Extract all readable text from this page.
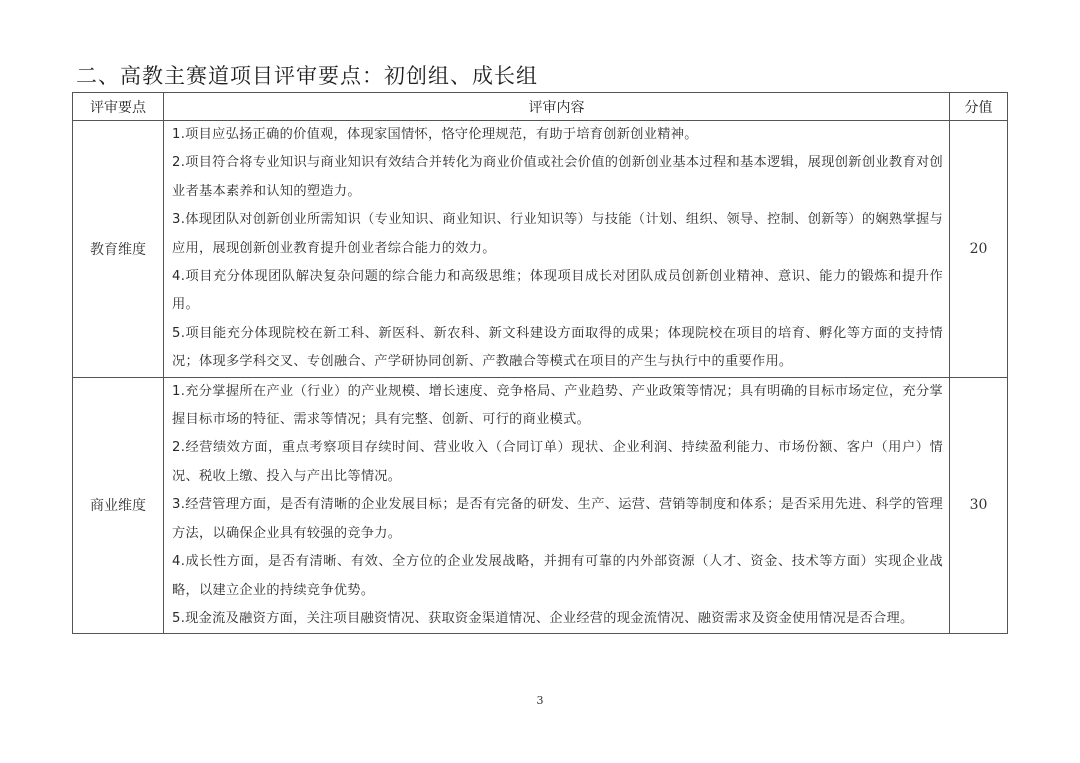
二、高教主赛道项目评审要点：初创组、成长组
评审要点	评审内容	分值
教育维度	1.项目应弘扬正确的价值观，体现家国情怀，恪守伦理规范，有助于培育创新创业精神。
2.项目符合将专业知识与商业知识有效结合并转化为商业价值或社会价值的创新创业基本过程和基本逻辑，展现创新创业教育对创业者基本素养和认知的塑造力。
3.体现团队对创新创业所需知识（专业知识、商业知识、行业知识等）与技能（计划、组织、领导、控制、创新等）的娴熟掌握与应用，展现创新创业教育提升创业者综合能力的效力。
4.项目充分体现团队解决复杂问题的综合能力和高级思维；体现项目成长对团队成员创新创业精神、意识、能力的锻炼和提升作用。
5.项目能充分体现院校在新工科、新医科、新农科、新文科建设方面取得的成果；体现院校在项目的培育、孵化等方面的支持情况；体现多学科交叉、专创融合、产学研协同创新、产教融合等模式在项目的产生与执行中的重要作用。	20
商业维度	1.充分掌握所在产业（行业）的产业规模、增长速度、竞争格局、产业趋势、产业政策等情况；具有明确的目标市场定位，充分掌握目标市场的特征、需求等情况；具有完整、创新、可行的商业模式。
2.经营绩效方面，重点考察项目存续时间、营业收入（合同订单）现状、企业利润、持续盈利能力、市场份额、客户（用户）情况、税收上缴、投入与产出比等情况。
3.经营管理方面，是否有清晰的企业发展目标；是否有完备的研发、生产、运营、营销等制度和体系；是否采用先进、科学的管理方法，以确保企业具有较强的竞争力。
4.成长性方面，是否有清晰、有效、全方位的企业发展战略，并拥有可靠的内外部资源（人才、资金、技术等方面）实现企业战略，以建立企业的持续竞争优势。
5.现金流及融资方面，关注项目融资情况、获取资金渠道情况、企业经营的现金流情况、融资需求及资金使用情况是否合理。	30
3
